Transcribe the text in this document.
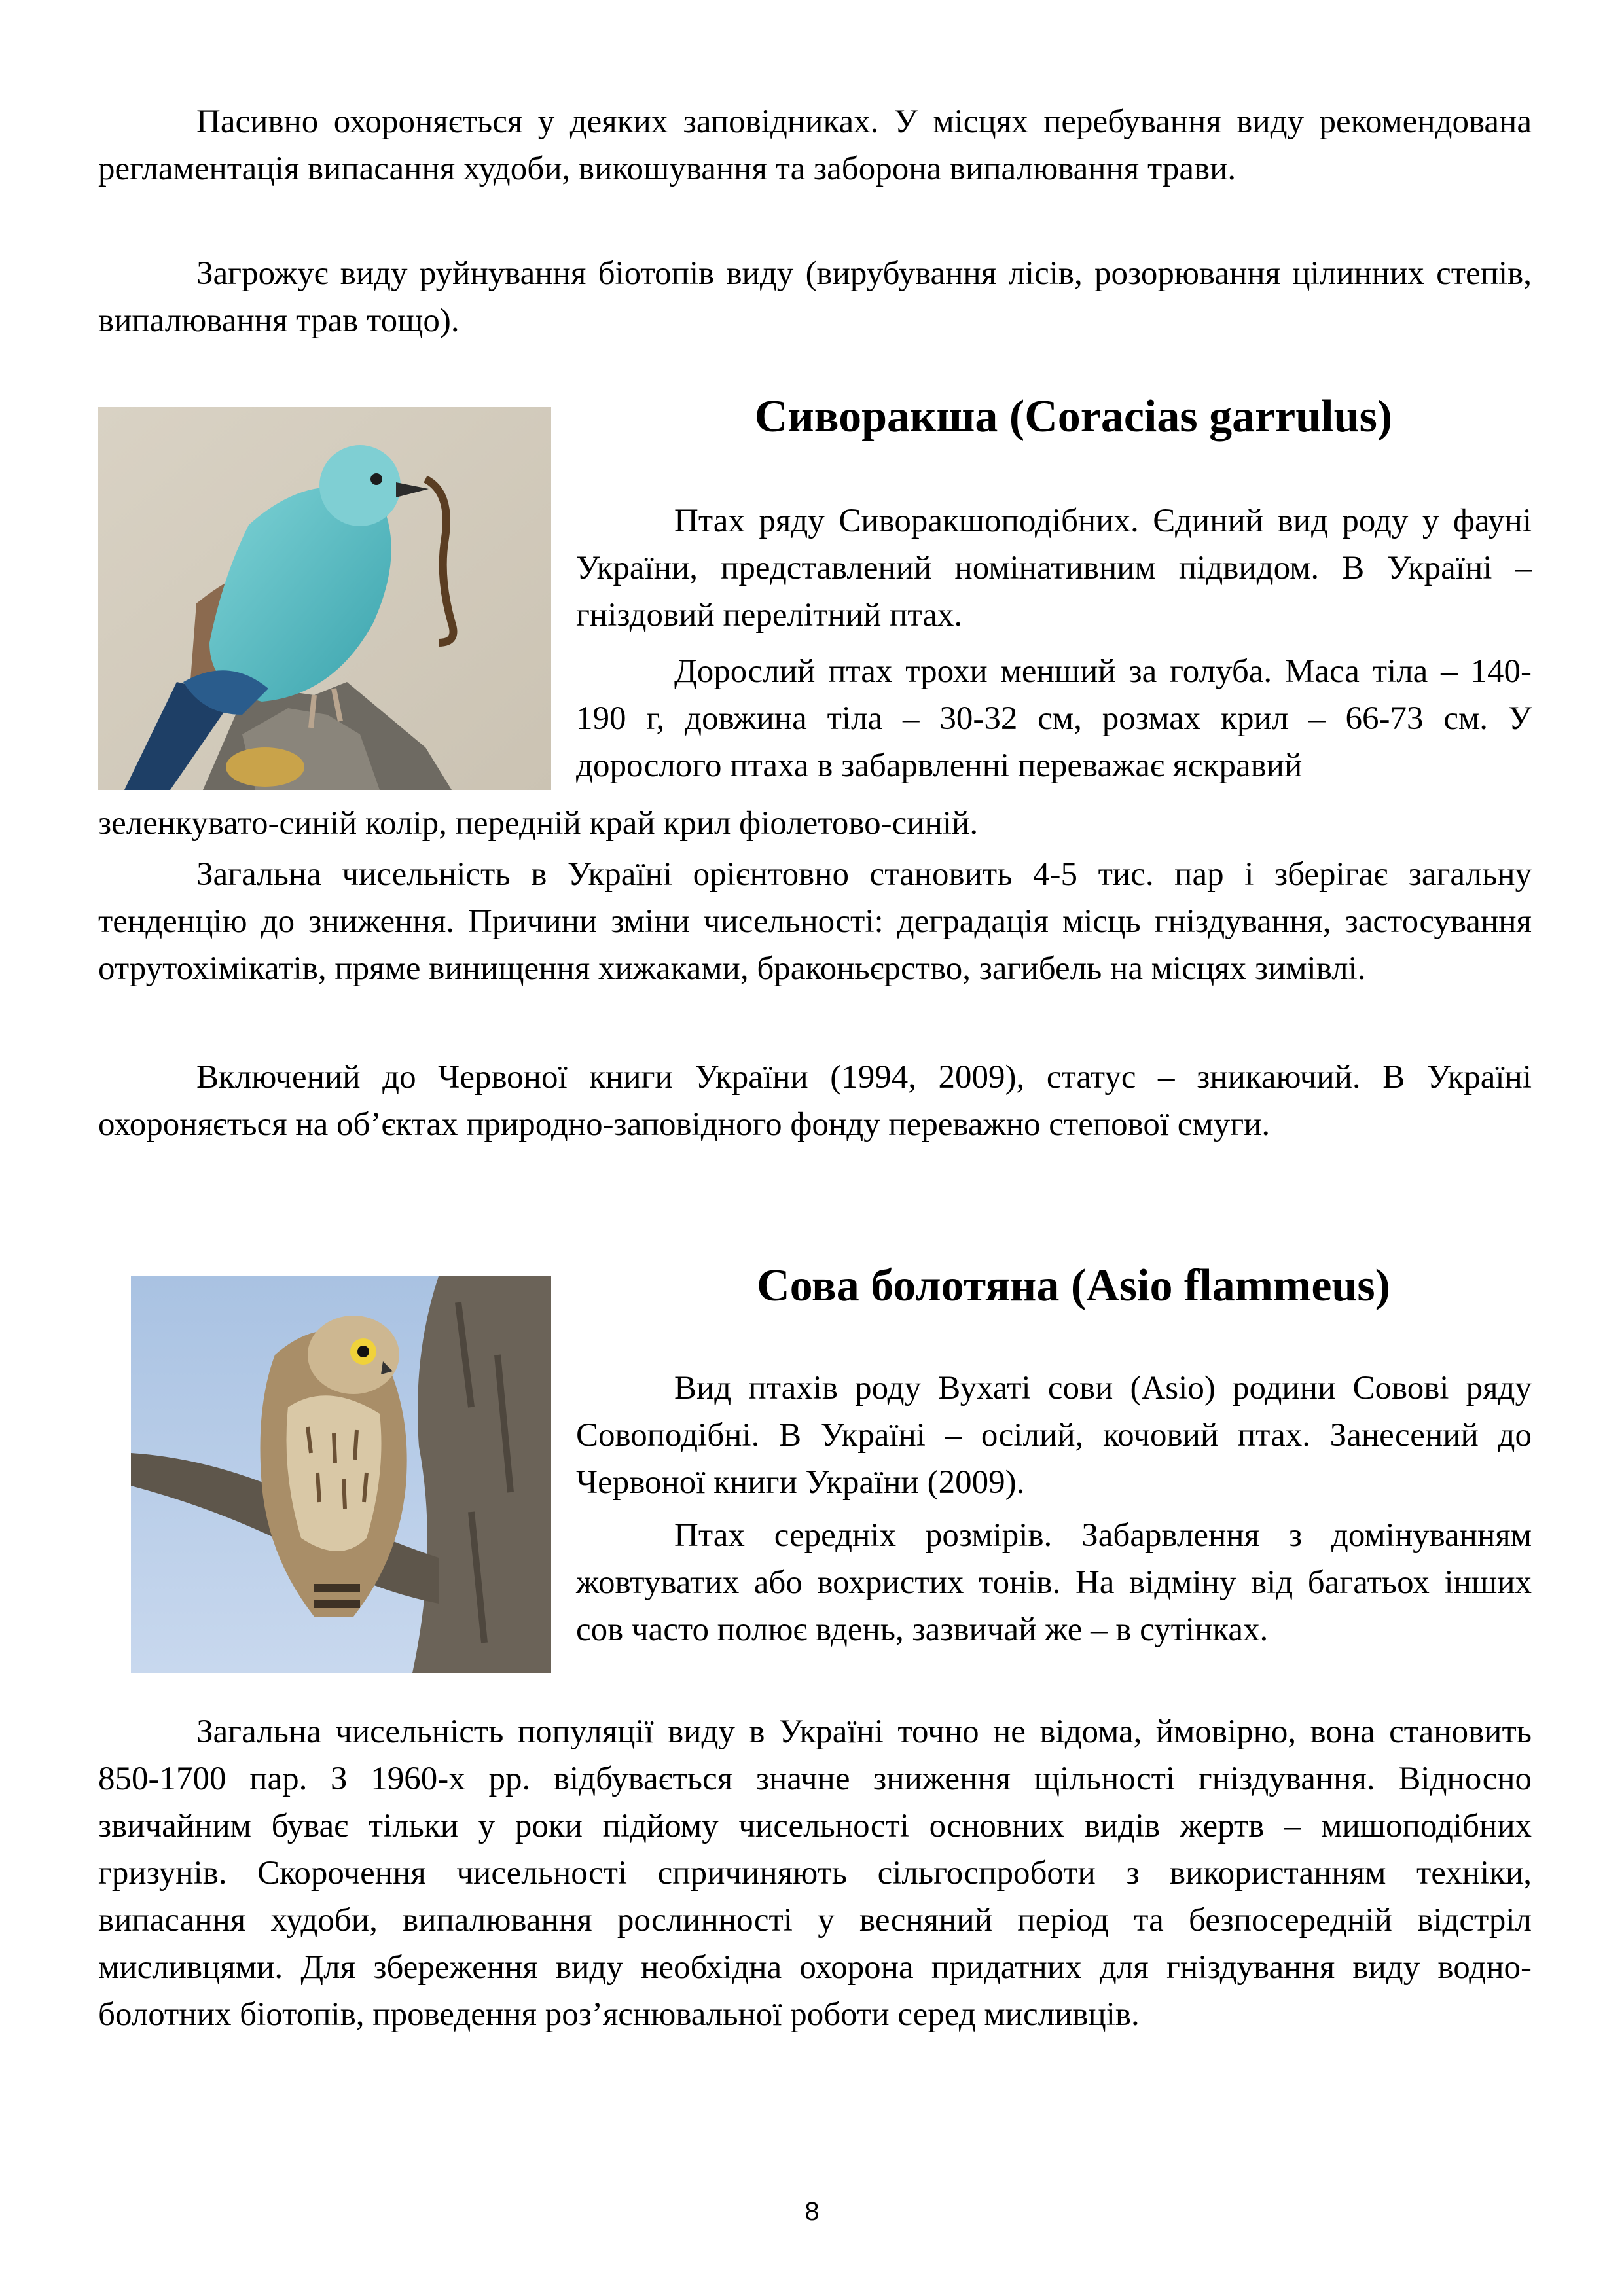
Пасивно охороняється у деяких заповідниках. У місцях перебування виду рекомендована регламентація випасання худоби, викошування та заборона випалювання трави.

Загрожує виду руйнування біотопів виду (вирубування лісів, розорювання цілинних степів, випалювання трав тощо).

Сиворакша (Coracias garrulus)

Птах ряду Сиворакшоподібних. Єдиний вид роду у фауні України, представлений номінативним підвидом. В Україні – гніздовий перелітний птах.

Дорослий птах трохи менший за голуба. Маса тіла – 140-190 г, довжина тіла – 30-32 см, розмах крил – 66-73 см. У дорослого птаха в забарвленні переважає яскравий

зеленкувато-синій колір, передній край крил фіолетово-синій.

Загальна чисельність в Україні орієнтовно становить 4-5 тис. пар і зберігає загальну тенденцію до зниження. Причини зміни чисельності: деградація місць гніздування, застосування отрутохімікатів, пряме винищення хижаками, браконьєрство, загибель на місцях зимівлі.

Включений до Червоної книги України (1994, 2009), статус – зникаючий. В Україні охороняється на об’єктах природно-заповідного фонду переважно степової смуги.

Сова болотяна (Asio flammeus)

Вид птахів роду Вухаті сови (Asio) родини Совові ряду Совоподібні. В Україні – осілий, кочовий птах. Занесений до Червоної книги України (2009).

Птах середніх розмірів. Забарвлення з домінуванням жовтуватих або вохристих тонів. На відміну від багатьох інших сов часто полює вдень, зазвичай же – в сутінках.

Загальна чисельність популяції виду в Україні точно не відома, ймовірно, вона становить 850-1700 пар. З 1960-х рр. відбувається значне зниження щільності гніздування. Відносно звичайним буває тільки у роки підйому чисельності основних видів жертв – мишоподібних гризунів. Скорочення чисельності спричиняють сільгоспроботи з використанням техніки, випасання худоби, випалювання рослинності у весняний період та безпосередній відстріл мисливцями. Для збереження виду необхідна охорона придатних для гніздування виду водно-болотних біотопів, проведення роз’яснювальної роботи серед мисливців.

8
